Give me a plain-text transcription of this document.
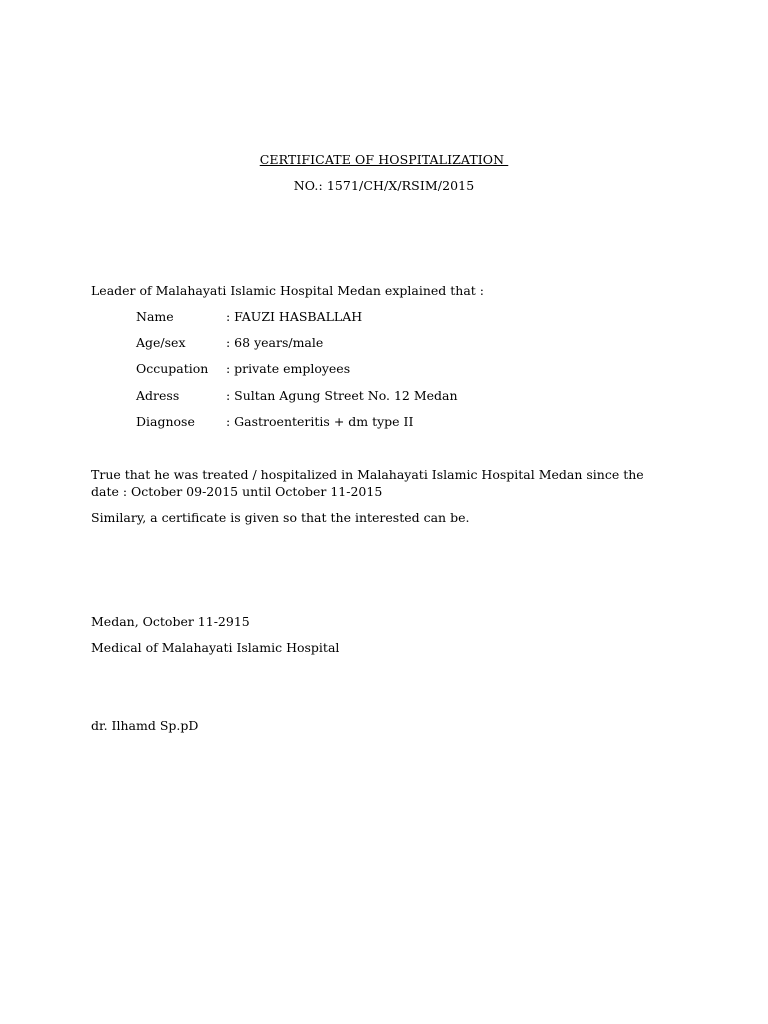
CERTIFICATE OF HOSPITALIZATION
NO.: 1571/CH/X/RSIM/2015
Leader of Malahayati Islamic Hospital Medan explained that :
Name	: FAUZI HASBALLAH
Age/sex	: 68 years/male
Occupation : private employees
Adress	: Sultan Agung Street No. 12 Medan
Diagnose : Gastroenteritis + dm type II
True that he was treated / hospitalized in Malahayati Islamic Hospital Medan since the date : October 09-2015 until October 11-2015
Similary, a certificate is given so that the interested can be.
Medan, October 11-2915
Medical of Malahayati Islamic Hospital
dr. Ilhamd Sp.pD
